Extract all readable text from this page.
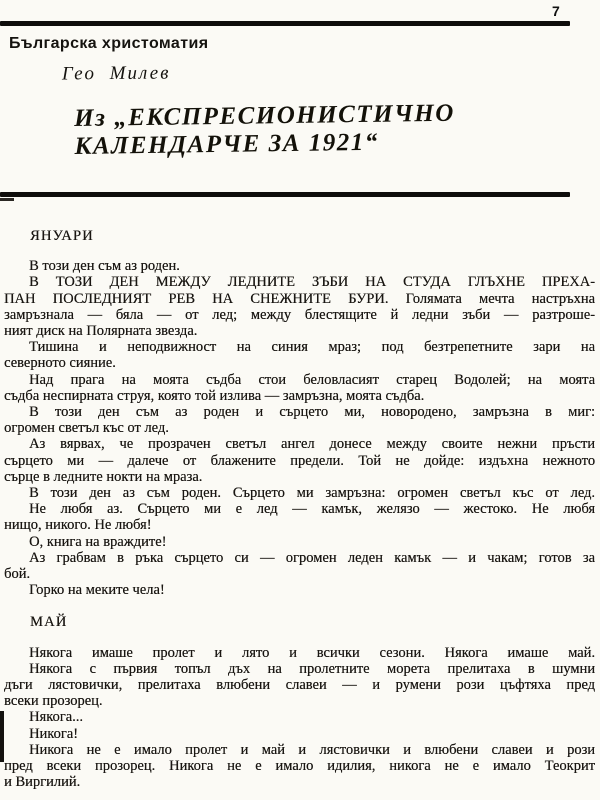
7
Българска христоматия
Гео Милев
Из „ЕКСПРЕСИОНИСТИЧНО
КАЛЕНДАРЧЕ ЗА 1921“
ЯНУАРИ
В този ден съм аз роден.
В ТОЗИ ДЕН МЕЖДУ ЛЕДНИТЕ ЗЪБИ НА СТУДА ГЛЪХНЕ ПРЕХА-
ПАН ПОСЛЕДНИЯТ РЕВ НА СНЕЖНИТЕ БУРИ. Голямата мечта настръхна
замръзнала — бяла — от лед; между блестящите й ледни зъби — разтроше-
ният диск на Полярната звезда.
Тишина и неподвижност на синия мраз; под безтрепетните зари на
северното сияние.
Над прага на моята съдба стои беловласият старец Водолей; на моята
съдба неспирната струя, която той излива — замръзна, моята съдба.
В този ден съм аз роден и сърцето ми, новородено, замръзна в миг:
огромен светъл къс от лед.
Аз вярвах, че прозрачен светъл ангел донесе между своите нежни пръсти
сърцето ми — далече от блажените предели. Той не дойде: издъхна нежното
сърце в ледните нокти на мраза.
В този ден аз съм роден. Сърцето ми замръзна: огромен светъл къс от лед.
Не любя аз. Сърцето ми е лед — камък, желязо — жестоко. Не любя
нищо, никого. Не любя!
О, книга на враждите!
Аз грабвам в ръка сърцето си — огромен леден камък — и чакам; готов за
бой.
Горко на меките чела!
МАЙ
Някога имаше пролет и лято и всички сезони. Някога имаше май.
Някога с първия топъл дъх на пролетните морета прелитаха в шумни
дъги лястовички, прелитаха влюбени славеи — и румени рози цъфтяха пред
всеки прозорец.
Някога...
Никога!
Никога не е имало пролет и май и лястовички и влюбени славеи и рози
пред всеки прозорец. Никога не е имало идилия, никога не е имало Теокрит
и Виргилий.
